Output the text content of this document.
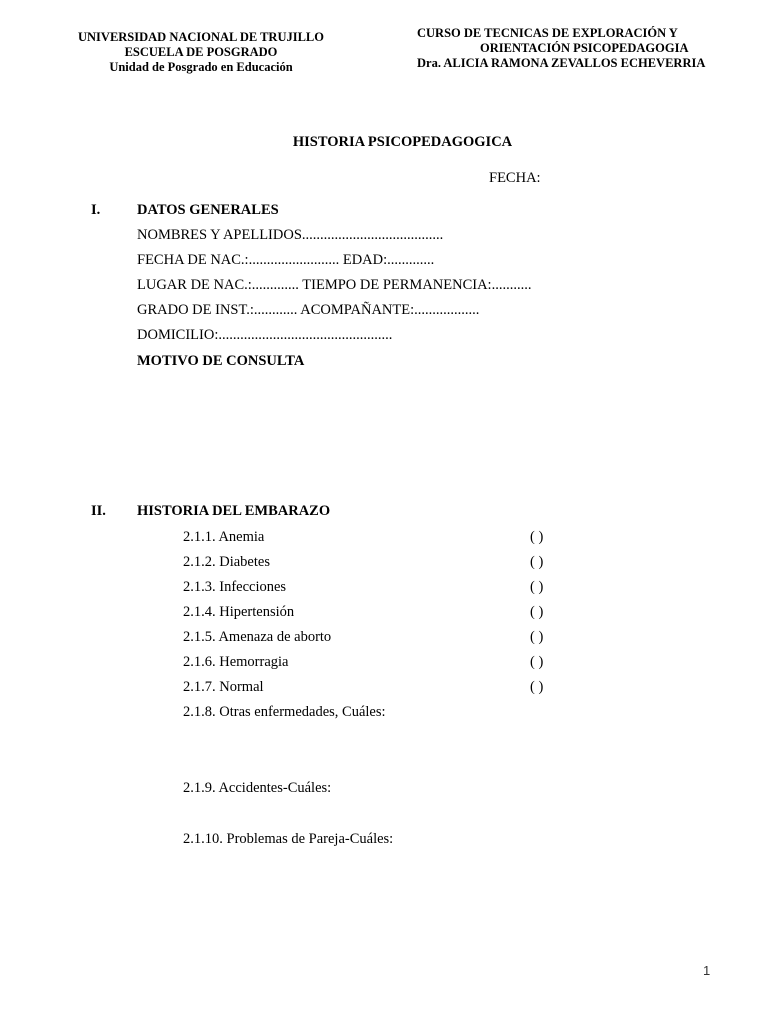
UNIVERSIDAD NACIONAL DE TRUJILLO
ESCUELA DE POSGRADO
Unidad de Posgrado en Educación
CURSO DE TECNICAS DE EXPLORACIÓN Y
ORIENTACIÓN PSICOPEDAGOGIA
Dra. ALICIA RAMONA ZEVALLOS ECHEVERRIA
HISTORIA PSICOPEDAGOGICA
FECHA:
I.	DATOS GENERALES
NOMBRES Y APELLIDOS.......................................
FECHA DE NAC.:......................... EDAD:.............
LUGAR DE NAC.:............. TIEMPO DE PERMANENCIA:...........
GRADO DE INST.:............ ACOMPAÑANTE:..................
DOMICILIO:................................................
MOTIVO DE CONSULTA
II. HISTORIA DEL EMBARAZO
2.1.1. Anemia	( )
2.1.2. Diabetes	( )
2.1.3. Infecciones	( )
2.1.4. Hipertensión	( )
2.1.5. Amenaza de aborto	( )
2.1.6. Hemorragia	( )
2.1.7. Normal	( )
2.1.8. Otras enfermedades, Cuáles:
2.1.9. Accidentes-Cuáles:
2.1.10. Problemas de Pareja-Cuáles:
1
